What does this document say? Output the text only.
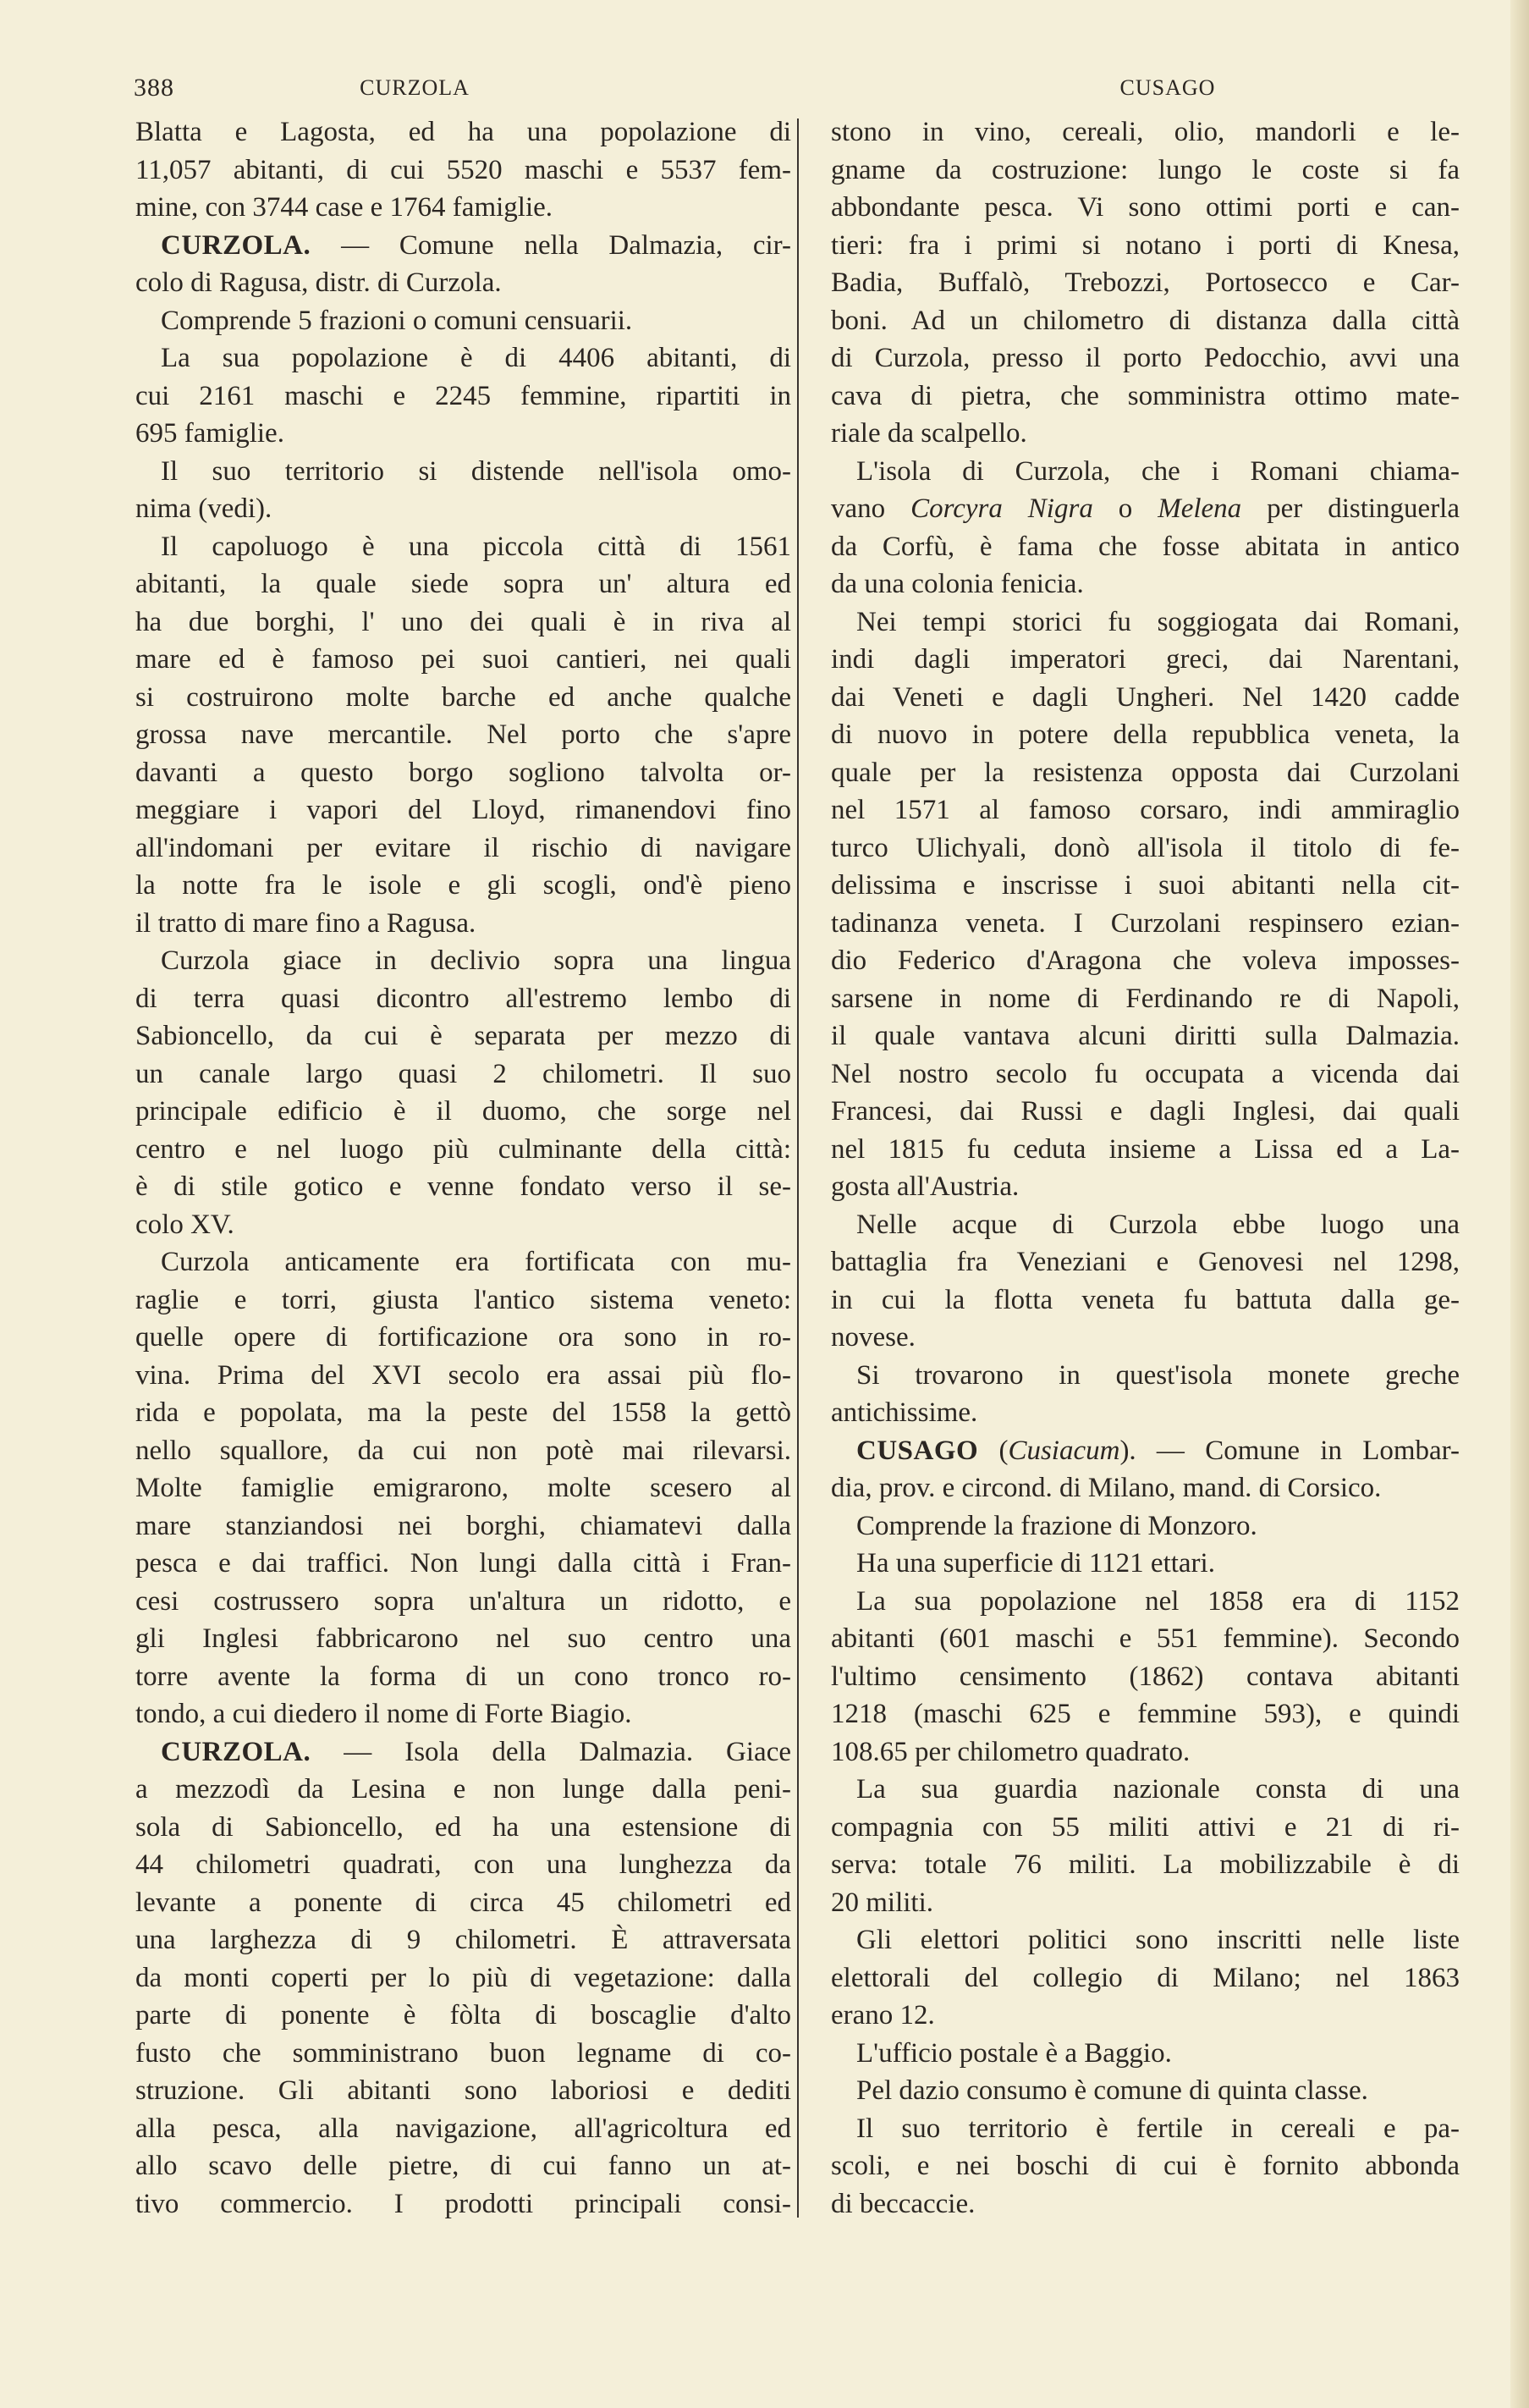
388	CURZOLA	CUSAGO
Blatta e Lagosta, ed ha una popolazione di
11,057 abitanti, di cui 5520 maschi e 5537 fem-
mine, con 3744 case e 1764 famiglie.
CURZOLA. — Comune nella Dalmazia, cir-
colo di Ragusa, distr. di Curzola.
Comprende 5 frazioni o comuni censuarii.
La sua popolazione è di 4406 abitanti, di
cui 2161 maschi e 2245 femmine, ripartiti in
695 famiglie.
Il suo territorio si distende nell'isola omo-
nima (vedi).
Il capoluogo è una piccola città di 1561
abitanti, la quale siede sopra un' altura ed
ha due borghi, l' uno dei quali è in riva al
mare ed è famoso pei suoi cantieri, nei quali
si costruirono molte barche ed anche qualche
grossa nave mercantile. Nel porto che s'apre
davanti a questo borgo sogliono talvolta or-
meggiare i vapori del Lloyd, rimanendovi fino
all'indomani per evitare il rischio di navigare
la notte fra le isole e gli scogli, ond'è pieno
il tratto di mare fino a Ragusa.
Curzola giace in declivio sopra una lingua
di terra quasi dicontro all'estremo lembo di
Sabioncello, da cui è separata per mezzo di
un canale largo quasi 2 chilometri. Il suo
principale edificio è il duomo, che sorge nel
centro e nel luogo più culminante della città:
è di stile gotico e venne fondato verso il se-
colo XV.
Curzola anticamente era fortificata con mu-
raglie e torri, giusta l'antico sistema veneto:
quelle opere di fortificazione ora sono in ro-
vina. Prima del XVI secolo era assai più flo-
rida e popolata, ma la peste del 1558 la gettò
nello squallore, da cui non potè mai rilevarsi.
Molte famiglie emigrarono, molte scesero al
mare stanziandosi nei borghi, chiamatevi dalla
pesca e dai traffici. Non lungi dalla città i Fran-
cesi costrussero sopra un'altura un ridotto, e
gli Inglesi fabbricarono nel suo centro una
torre avente la forma di un cono tronco ro-
tondo, a cui diedero il nome di Forte Biagio.
CURZOLA. — Isola della Dalmazia. Giace
a mezzodì da Lesina e non lunge dalla peni-
sola di Sabioncello, ed ha una estensione di
44 chilometri quadrati, con una lunghezza da
levante a ponente di circa 45 chilometri ed
una larghezza di 9 chilometri. È attraversata
da monti coperti per lo più di vegetazione: dalla
parte di ponente è fòlta di boscaglie d'alto
fusto che somministrano buon legname di co-
struzione. Gli abitanti sono laboriosi e dediti
alla pesca, alla navigazione, all'agricoltura ed
allo scavo delle pietre, di cui fanno un at-
tivo commercio. I prodotti principali consi-
stono in vino, cereali, olio, mandorli e le-
gname da costruzione: lungo le coste si fa
abbondante pesca. Vi sono ottimi porti e can-
tieri: fra i primi si notano i porti di Knesa,
Badia, Buffalò, Trebozzi, Portosecco e Car-
boni. Ad un chilometro di distanza dalla città
di Curzola, presso il porto Pedocchio, avvi una
cava di pietra, che somministra ottimo mate-
riale da scalpello.
L'isola di Curzola, che i Romani chiama-
vano Corcyra Nigra o Melena per distinguerla
da Corfù, è fama che fosse abitata in antico
da una colonia fenicia.
Nei tempi storici fu soggiogata dai Romani,
indi dagli imperatori greci, dai Narentani,
dai Veneti e dagli Ungheri. Nel 1420 cadde
di nuovo in potere della repubblica veneta, la
quale per la resistenza opposta dai Curzolani
nel 1571 al famoso corsaro, indi ammiraglio
turco Ulichyali, donò all'isola il titolo di fe-
delissima e inscrisse i suoi abitanti nella cit-
tadinanza veneta. I Curzolani respinsero ezian-
dio Federico d'Aragona che voleva imposses-
sarsene in nome di Ferdinando re di Napoli,
il quale vantava alcuni diritti sulla Dalmazia.
Nel nostro secolo fu occupata a vicenda dai
Francesi, dai Russi e dagli Inglesi, dai quali
nel 1815 fu ceduta insieme a Lissa ed a La-
gosta all'Austria.
Nelle acque di Curzola ebbe luogo una
battaglia fra Veneziani e Genovesi nel 1298,
in cui la flotta veneta fu battuta dalla ge-
novese.
Si trovarono in quest'isola monete greche
antichissime.
CUSAGO (Cusiacum). — Comune in Lombar-
dia, prov. e circond. di Milano, mand. di Corsico.
Comprende la frazione di Monzoro.
Ha una superficie di 1121 ettari.
La sua popolazione nel 1858 era di 1152
abitanti (601 maschi e 551 femmine). Secondo
l'ultimo censimento (1862) contava abitanti
1218 (maschi 625 e femmine 593), e quindi
108.65 per chilometro quadrato.
La sua guardia nazionale consta di una
compagnia con 55 militi attivi e 21 di ri-
serva: totale 76 militi. La mobilizzabile è di
20 militi.
Gli elettori politici sono inscritti nelle liste
elettorali del collegio di Milano; nel 1863
erano 12.
L'ufficio postale è a Baggio.
Pel dazio consumo è comune di quinta classe.
Il suo territorio è fertile in cereali e pa-
scoli, e nei boschi di cui è fornito abbonda
di beccaccie.
